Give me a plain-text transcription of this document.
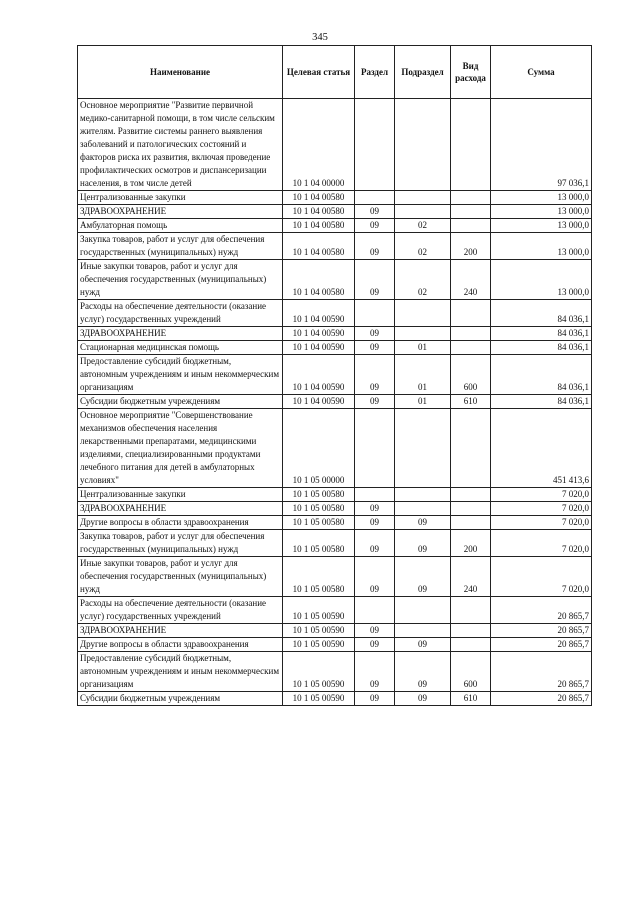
345
Наименование	Целевая статья	Раздел	Подраздел	Вид расхода	Сумма
Основное мероприятие "Развитие первичной медико-санитарной помощи, в том числе сельским жителям. Развитие системы раннего выявления заболеваний и патологических состояний и факторов риска их развития, включая проведение профилактических осмотров и диспансеризации населения, в том числе детей	10 1 04 00000				97 036,1
Централизованные закупки	10 1 04 00580				13 000,0
ЗДРАВООХРАНЕНИЕ	10 1 04 00580	09			13 000,0
Амбулаторная помощь	10 1 04 00580	09	02		13 000,0
Закупка товаров, работ и услуг для обеспечения государственных (муниципальных) нужд	10 1 04 00580	09	02	200	13 000,0
Иные закупки товаров, работ и услуг для обеспечения государственных (муниципальных) нужд	10 1 04 00580	09	02	240	13 000,0
Расходы на обеспечение деятельности (оказание услуг) государственных учреждений	10 1 04 00590				84 036,1
ЗДРАВООХРАНЕНИЕ	10 1 04 00590	09			84 036,1
Стационарная медицинская помощь	10 1 04 00590	09	01		84 036,1
Предоставление субсидий бюджетным, автономным учреждениям и иным некоммерческим организациям	10 1 04 00590	09	01	600	84 036,1
Субсидии бюджетным учреждениям	10 1 04 00590	09	01	610	84 036,1
Основное мероприятие "Совершенствование механизмов обеспечения населения лекарственными препаратами, медицинскими изделиями, специализированными продуктами лечебного питания для детей в амбулаторных условиях"	10 1 05 00000				451 413,6
Централизованные закупки	10 1 05 00580				7 020,0
ЗДРАВООХРАНЕНИЕ	10 1 05 00580	09			7 020,0
Другие вопросы в области здравоохранения	10 1 05 00580	09	09		7 020,0
Закупка товаров, работ и услуг для обеспечения государственных (муниципальных) нужд	10 1 05 00580	09	09	200	7 020,0
Иные закупки товаров, работ и услуг для обеспечения государственных (муниципальных) нужд	10 1 05 00580	09	09	240	7 020,0
Расходы на обеспечение деятельности (оказание услуг) государственных учреждений	10 1 05 00590				20 865,7
ЗДРАВООХРАНЕНИЕ	10 1 05 00590	09			20 865,7
Другие вопросы в области здравоохранения	10 1 05 00590	09	09		20 865,7
Предоставление субсидий бюджетным, автономным учреждениям и иным некоммерческим организациям	10 1 05 00590	09	09	600	20 865,7
Субсидии бюджетным учреждениям	10 1 05 00590	09	09	610	20 865,7
